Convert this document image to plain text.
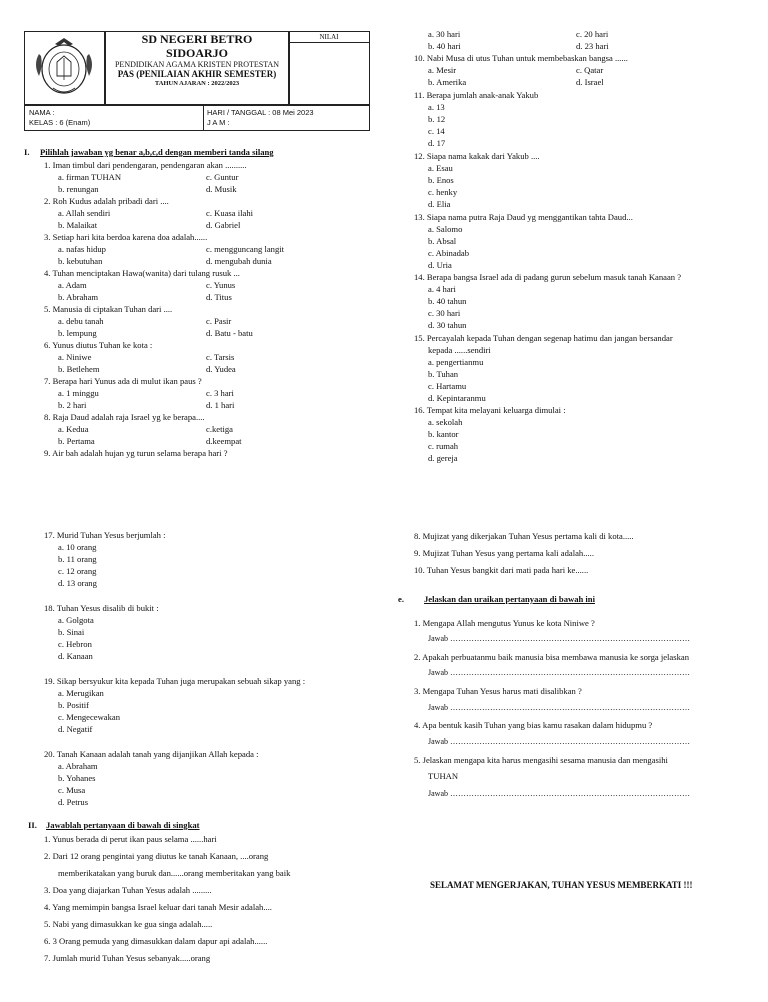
SD NEGERI BETRO
SIDOARJO
PENDIDIKAN AGAMA KRISTEN PROTESTAN
PAS (PENILAIAN AKHIR SEMESTER)
TAHUN AJARAN : 2022/2023
NILAI
NAMA :
KELAS : 6 (Enam)
HARI / TANGGAL : 08 Mei 2023
J A M :
I. Pilihlah jawaban yg benar a,b,c,d dengan memberi tanda silang
1. Iman timbul dari pendengaran, pendengaran akan ..........
a. firman TUHAN
b. renungan
c. Guntur
d. Musik
2. Roh Kudus adalah pribadi dari ....
a. Allah sendiri
b. Malaikat
c. Kuasa ilahi
d. Gabriel
3. Setiap hari kita berdoa karena doa adalah......
a. nafas hidup
b. kebutuhan
c. mengguncang langit
d. mengubah dunia
4. Tuhan menciptakan Hawa(wanita) dari tulang rusuk ...
a. Adam
b. Abraham
c. Yunus
d. Titus
5. Manusia di ciptakan Tuhan dari ....
a. debu tanah
b. lempung
c. Pasir
d. Batu - batu
6. Yunus diutus Tuhan ke kota :
a. Niniwe
b. Betlehem
c. Tarsis
d. Yudea
7. Berapa hari Yunus ada di mulut ikan paus ?
a. 1 minggu
b. 2 hari
c. 3 hari
d. 1 hari
8. Raja Daud adalah raja Israel yg ke berapa....
a. Kedua
b. Pertama
c.ketiga
d.keempat
9. Air bah adalah hujan yg turun selama berapa hari ?
a. 30 hari
b. 40 hari
c. 20 hari
d. 23 hari
10. Nabi Musa di utus Tuhan untuk membebaskan bangsa ......
a. Mesir
b. Amerika
c. Qatar
d. Israel
11. Berapa jumlah anak-anak Yakub
a. 13
b. 12
c. 14
d. 17
12. Siapa nama kakak dari Yakub ....
a. Esau
b. Enos
c. henky
d. Elia
13. Siapa nama putra Raja Daud yg menggantikan tahta Daud...
a. Salomo
b. Absal
c. Abinadab
d. Uria
14. Berapa bangsa Israel ada di padang gurun sebelum masuk tanah Kanaan ?
a. 4 hari
b. 40 tahun
c. 30 hari
d. 30 tahun
15. Percayalah kepada Tuhan dengan segenap hatimu dan jangan bersandar
kepada ......sendiri
a. pengertianmu
b. Tuhan
c. Hartamu
d. Kepintaranmu
16. Tempat kita melayani keluarga dimulai :
a. sekolah
b. kantor
c. rumah
d. gereja
17. Murid Tuhan Yesus berjumlah :
a. 10 orang
b. 11 orang
c. 12 orang
d. 13 orang
18. Tuhan Yesus disalib di bukit :
a. Golgota
b. Sinai
c. Hebron
d. Kanaan
19. Sikap bersyukur kita kepada Tuhan juga merupakan sebuah sikap yang :
a. Merugikan
b. Positif
c. Mengecewakan
d. Negatif
20. Tanah Kanaan adalah tanah yang dijanjikan Allah kepada :
a. Abraham
b. Yohanes
c. Musa
d. Petrus
II. Jawablah pertanyaan di bawah di singkat
1. Yunus berada di perut ikan paus selama ......hari
2. Dari 12 orang pengintai yang diutus ke tanah Kanaan, ....orang
memberikatakan yang buruk dan......orang memberitakan yang baik
3. Doa yang diajarkan Tuhan Yesus adalah .........
4. Yang memimpin bangsa Israel keluar dari tanah Mesir adalah....
5. Nabi yang dimasukkan ke gua singa adalah.....
6. 3 Orang pemuda yang dimasukkan dalam dapur api adalah......
7. Jumlah murid Tuhan Yesus sebanyak.....orang
8. Mujizat yang dikerjakan Tuhan Yesus pertama kali di kota.....
9. Mujizat Tuhan Yesus yang pertama kali adalah.....
10. Tuhan Yesus bangkit dari mati pada hari ke......
e. Jelaskan dan uraikan pertanyaan di bawah ini
1. Mengapa Allah mengutus Yunus ke kota Niniwe ?
Jawab ………………………………………………………………………………
2. Apakah perbuatanmu baik manusia bisa membawa manusia ke sorga jelaskan
Jawab ………………………………………………………………………………
3. Mengapa Tuhan Yesus harus mati disalibkan ?
Jawab ………………………………………………………………………………
4. Apa bentuk kasih Tuhan yang bias kamu rasakan dalam hidupmu ?
Jawab ………………………………………………………………………………
5. Jelaskan mengapa kita harus mengasihi sesama manusia dan mengasihi
TUHAN
Jawab ………………………………………………………………………………
SELAMAT MENGERJAKAN, TUHAN YESUS MEMBERKATI !!!
